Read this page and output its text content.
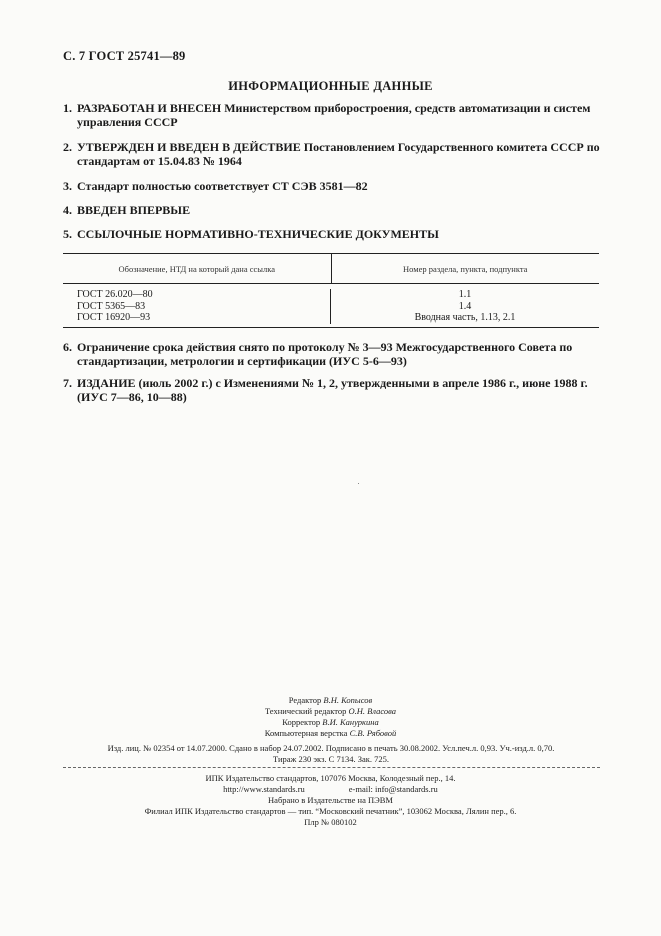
С. 7 ГОСТ 25741—89
ИНФОРМАЦИОННЫЕ ДАННЫЕ
1. РАЗРАБОТАН И ВНЕСЕН Министерством приборостроения, средств автоматизации и систем
управления СССР
2. УТВЕРЖДЕН И ВВЕДЕН В ДЕЙСТВИЕ Постановлением Государственного комитета СССР по
стандартам от 15.04.83 № 1964
3. Стандарт полностью соответствует СТ СЭВ 3581—82
4. ВВЕДЕН ВПЕРВЫЕ
5. ССЫЛОЧНЫЕ НОРМАТИВНО-ТЕХНИЧЕСКИЕ ДОКУМЕНТЫ
Обозначение, НТД на который дана ссылка	Номер раздела, пункта, подпункта
ГОСТ 26.020—80
ГОСТ 5365—83
ГОСТ 16920—93
1.1
1.4
Вводная часть, 1.13, 2.1
6. Ограничение срока действия снято по протоколу № 3—93 Межгосударственного Совета по
стандартизации, метрологии и сертификации (ИУС 5-6—93)
7. ИЗДАНИЕ (июль 2002 г.) с Изменениями № 1, 2, утвержденными в апреле 1986 г., июне 1988 г.
(ИУС 7—86, 10—88)
Редактор В.Н. Копысов
Технический редактор О.Н. Власова
Корректор В.И. Кануркина
Компьютерная верстка С.В. Рябовой
Изд. лиц. № 02354 от 14.07.2000. Сдано в набор 24.07.2002. Подписано в печать 30.08.2002. Усл.печ.л. 0,93. Уч.-изд.л. 0,70.
Тираж 230 экз. С 7134. Зак. 725.
ИПК Издательство стандартов, 107076 Москва, Колодезный пер., 14.
http://www.standards.ru	e-mail: info@standards.ru
Набрано в Издательстве на ПЭВМ
Филиал ИПК Издательство стандартов — тип. “Московский печатник”, 103062 Москва, Лялин пер., 6.
Плр № 080102
